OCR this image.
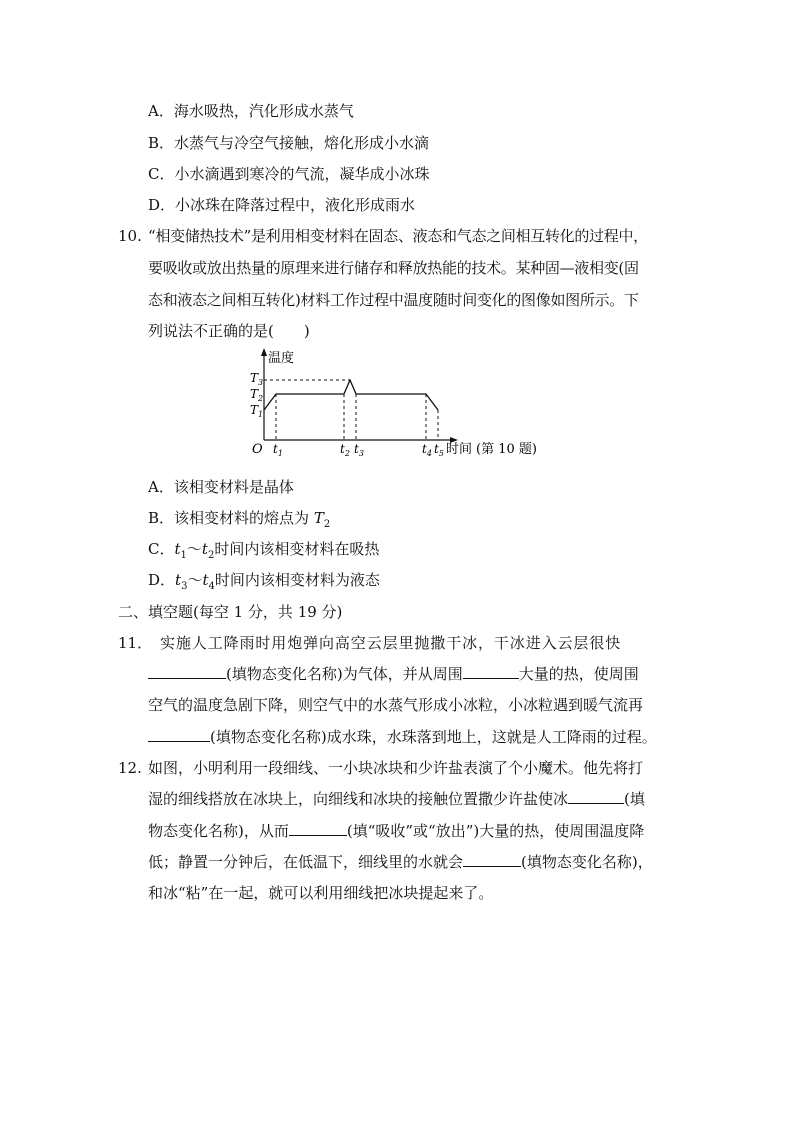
A．海水吸热，汽化形成水蒸气
B．水蒸气与冷空气接触，熔化形成小水滴
C．小水滴遇到寒冷的气流，凝华成小冰珠
D．小冰珠在降落过程中，液化形成雨水
10. “相变储热技术”是利用相变材料在固态、液态和气态之间相互转化的过程中，
要吸收或放出热量的原理来进行储存和释放热能的技术。某种固—液相变(固
态和液态之间相互转化)材料工作过程中温度随时间变化的图像如图所示。下
列说法不正确的是(　　)
温度
$T_3$
$T_2$
$T_1$
O $t_1$	$t_2$ $t_3$	$t_4$ $t_5$ 时间 (第 10 题)
A．该相变材料是晶体
B．该相变材料的熔点为 $T_2$
C．$t_1\sim t_2$时间内该相变材料在吸热
D．$t_3\sim t_4$时间内该相变材料为液态
二、填空题(每空 1 分，共 19 分)
11． 实施人工降雨时用炮弹向高空云层里抛撒干冰，干冰进入云层很快
(填物态变化名称)为气体，并从周围	大量的热，使周围
空气的温度急剧下降，则空气中的水蒸气形成小冰粒，小冰粒遇到暖气流再
(填物态变化名称)成水珠，水珠落到地上，这就是人工降雨的过程。
12. 如图，小明利用一段细线、一小块冰块和少许盐表演了个小魔术。他先将打
湿的细线搭放在冰块上，向细线和冰块的接触位置撒少许盐使冰	(填
物态变化名称)，从而	(填“吸收”或“放出”)大量的热，使周围温度降
低；静置一分钟后，在低温下，细线里的水就会	(填物态变化名称)，
和冰“粘”在一起，就可以利用细线把冰块提起来了。
